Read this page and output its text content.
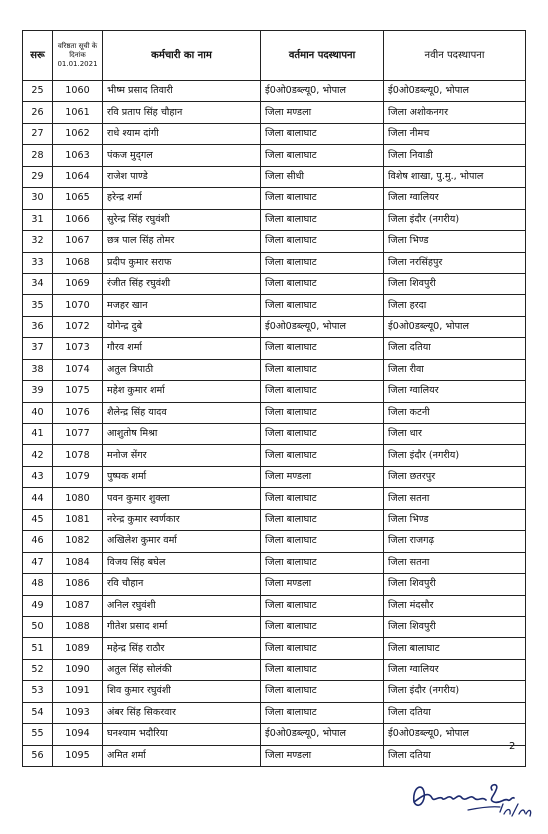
सरू	वरिष्ठता सूची के दिनांक 01.01.2021	कर्मचारी का नाम	वर्तमान पदस्थापना	नवीन पदस्थापना
25	1060	भीष्म प्रसाद तिवारी	ई0ओ0डब्ल्यू0, भोपाल	ई0ओ0डब्ल्यू0, भोपाल
26	1061	रवि प्रताप सिंह चौहान	जिला मण्डला	जिला अशोकनगर
27	1062	राधे श्याम दांगी	जिला बालाघाट	जिला नीमच
28	1063	पंकज मुद्‌गल	जिला बालाघाट	जिला निवाडी
29	1064	राजेश पाण्डे	जिला सीधी	विशेष शाखा, पु.मु., भोपाल
30	1065	हरेन्द्र शर्मा	जिला बालाघाट	जिला ग्वालियर
31	1066	सुरेन्द्र सिंह रघुवंशी	जिला बालाघाट	जिला इंदौर (नगरीय)
32	1067	छत्र पाल सिंह तोमर	जिला बालाघाट	जिला भिण्ड
33	1068	प्रदीप कुमार सराफ	जिला बालाघाट	जिला नरसिंहपुर
34	1069	रंजीत सिंह रघुवंशी	जिला बालाघाट	जिला शिवपुरी
35	1070	मजहर खान	जिला बालाघाट	जिला हरदा
36	1072	योगेन्द्र दुबे	ई0ओ0डब्ल्यू0, भोपाल	ई0ओ0डब्ल्यू0, भोपाल
37	1073	गौरव शर्मा	जिला बालाघाट	जिला दतिया
38	1074	अतुल त्रिपाठी	जिला बालाघाट	जिला रीवा
39	1075	महेश कुमार शर्मा	जिला बालाघाट	जिला ग्वालियर
40	1076	शैलेन्द्र सिंह यादव	जिला बालाघाट	जिला कटनी
41	1077	आशुतोष मिश्रा	जिला बालाघाट	जिला धार
42	1078	मनोज सेंगर	जिला बालाघाट	जिला इंदौर (नगरीय)
43	1079	पुष्पक शर्मा	जिला मण्डला	जिला छतरपुर
44	1080	पवन कुमार शुक्ला	जिला बालाघाट	जिला सतना
45	1081	नरेन्द्र कुमार स्वर्णकार	जिला बालाघाट	जिला भिण्ड
46	1082	अखिलेश कुमार वर्मा	जिला बालाघाट	जिला राजगढ़
47	1084	विजय सिंह बघेल	जिला बालाघाट	जिला सतना
48	1086	रवि चौहान	जिला मण्डला	जिला शिवपुरी
49	1087	अनिल रघुवंशी	जिला बालाघाट	जिला मंदसौर
50	1088	गीतेश प्रसाद शर्मा	जिला बालाघाट	जिला शिवपुरी
51	1089	महेन्द्र सिंह राठौर	जिला बालाघाट	जिला बालाघाट
52	1090	अतुल सिंह सोलंकी	जिला बालाघाट	जिला ग्वालियर
53	1091	शिव कुमार रघुवंशी	जिला बालाघाट	जिला इंदौर (नगरीय)
54	1093	अंबर सिंह सिकरवार	जिला बालाघाट	जिला दतिया
55	1094	घनश्याम भदौरिया	ई0ओ0डब्ल्यू0, भोपाल	ई0ओ0डब्ल्यू0, भोपाल
56	1095	अमित शर्मा	जिला मण्डला	जिला दतिया
2
